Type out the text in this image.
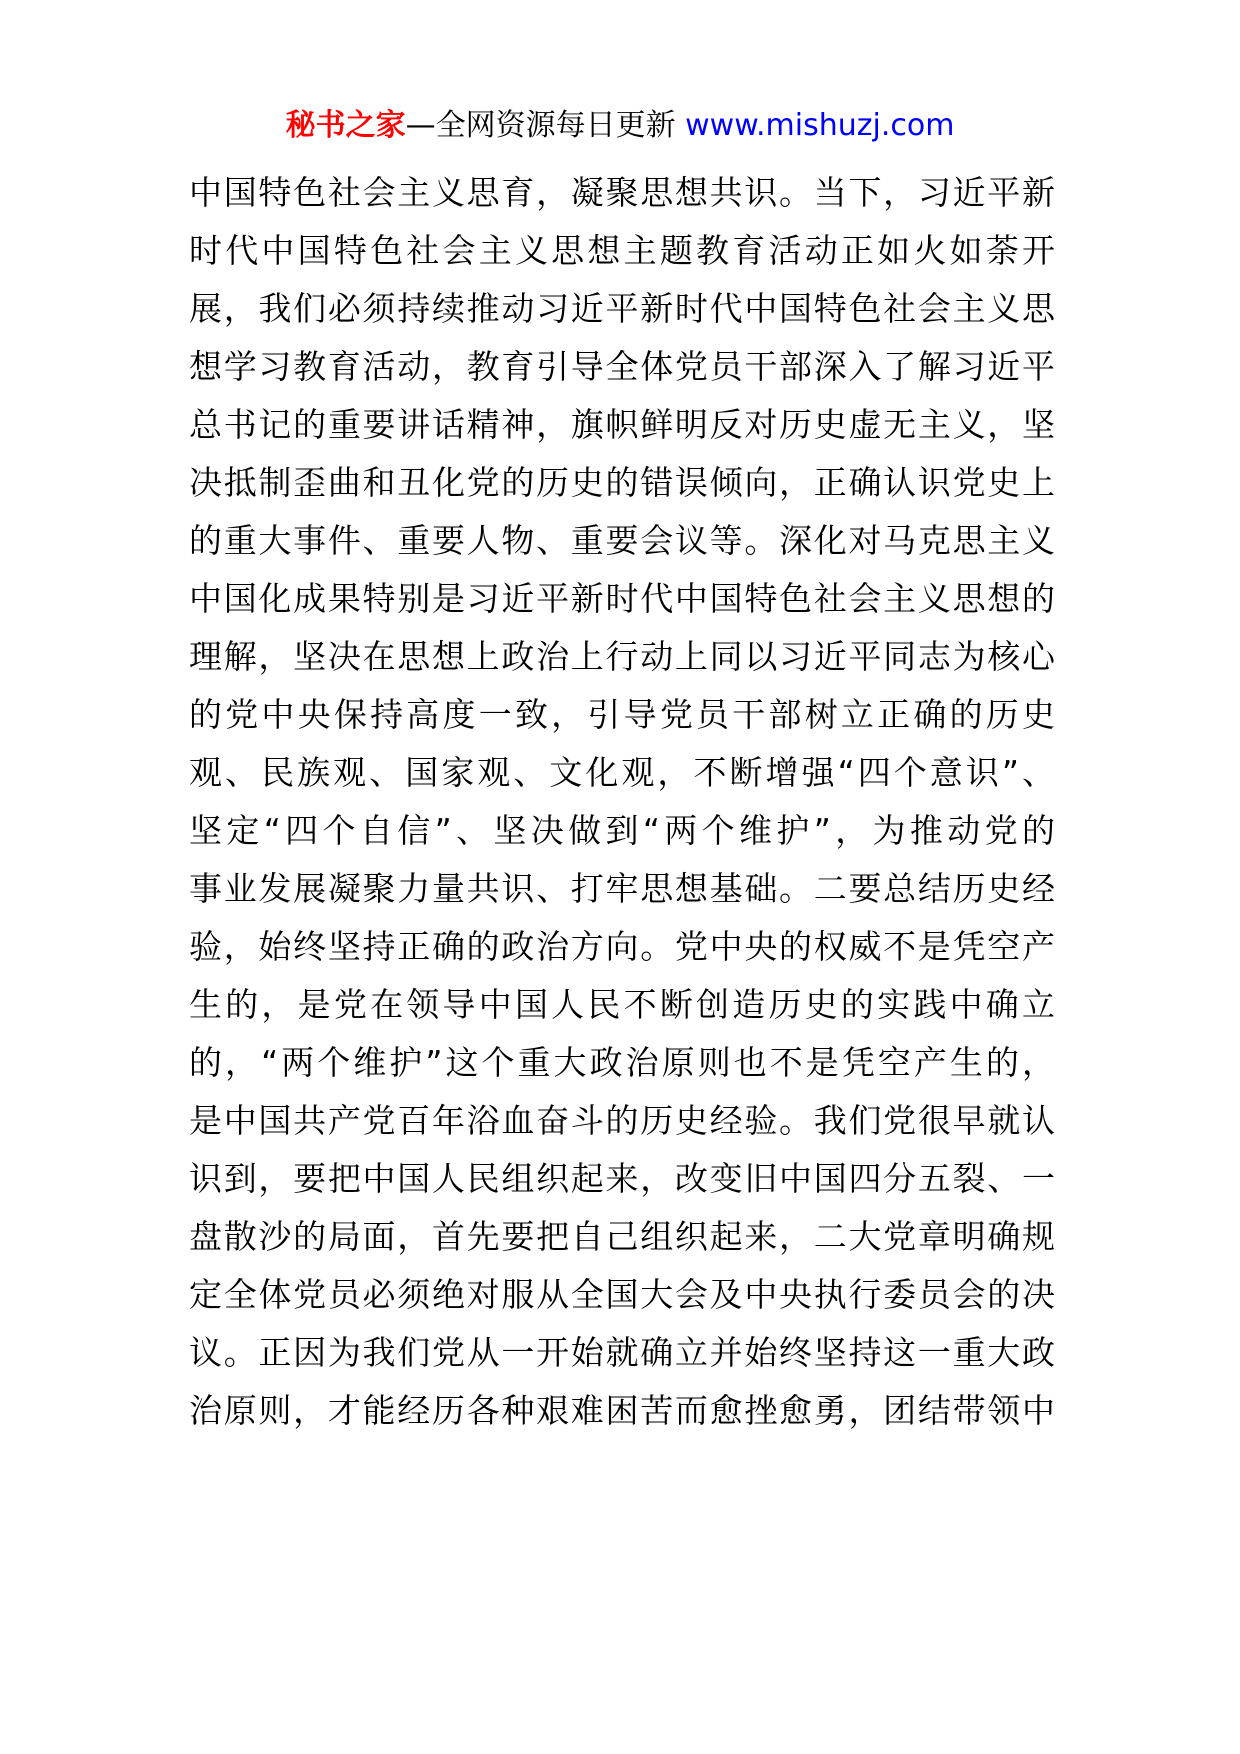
秘书之家—全网资源每日更新 www.mishuzj.com
中国特色社会主义思育，凝聚思想共识。当下，习近平新
时代中国特色社会主义思想主题教育活动正如火如荼开
展，我们必须持续推动习近平新时代中国特色社会主义思
想学习教育活动，教育引导全体党员干部深入了解习近平
总书记的重要讲话精神，旗帜鲜明反对历史虚无主义，坚
决抵制歪曲和丑化党的历史的错误倾向，正确认识党史上
的重大事件、重要人物、重要会议等。深化对马克思主义
中国化成果特别是习近平新时代中国特色社会主义思想的
理解，坚决在思想上政治上行动上同以习近平同志为核心
的党中央保持高度一致，引导党员干部树立正确的历史
观、民族观、国家观、文化观，不断增强“四个意识”、
坚定“四个自信”、坚决做到“两个维护”，为推动党的
事业发展凝聚力量共识、打牢思想基础。二要总结历史经
验，始终坚持正确的政治方向。党中央的权威不是凭空产
生的，是党在领导中国人民不断创造历史的实践中确立
的，“两个维护”这个重大政治原则也不是凭空产生的，
是中国共产党百年浴血奋斗的历史经验。我们党很早就认
识到，要把中国人民组织起来，改变旧中国四分五裂、一
盘散沙的局面，首先要把自己组织起来，二大党章明确规
定全体党员必须绝对服从全国大会及中央执行委员会的决
议。正因为我们党从一开始就确立并始终坚持这一重大政
治原则，才能经历各种艰难困苦而愈挫愈勇，团结带领中
